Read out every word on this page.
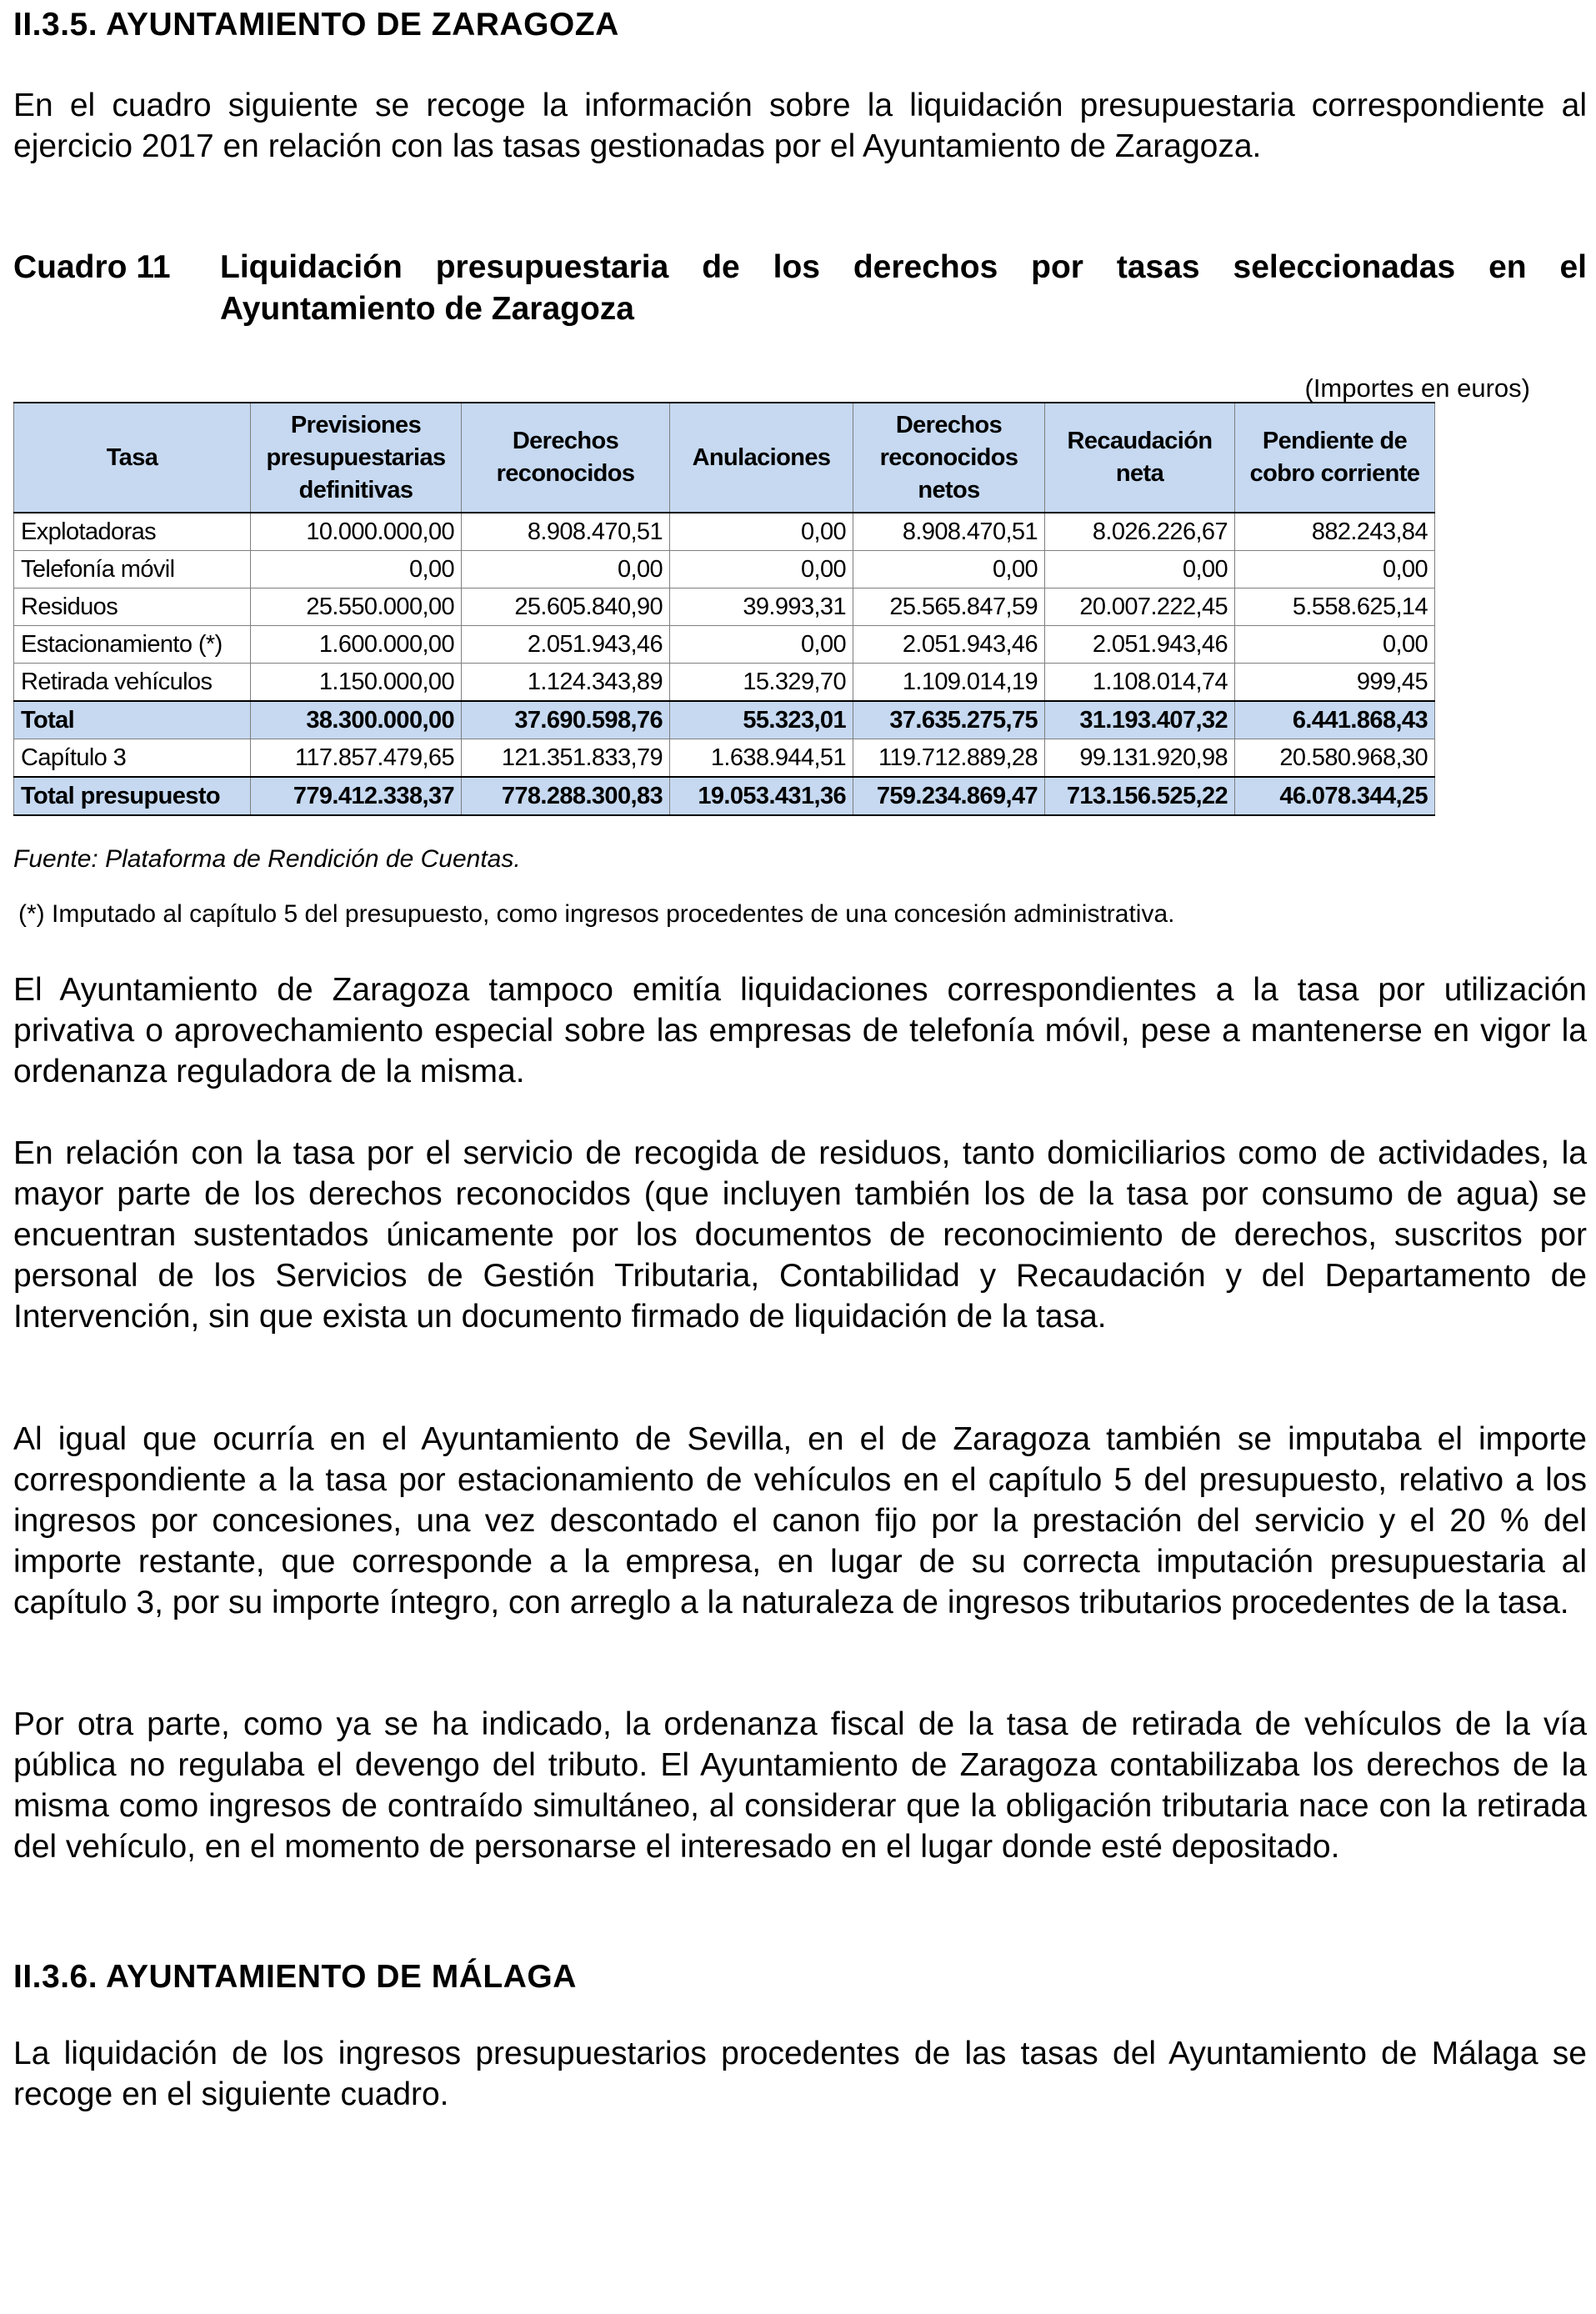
II.3.5. AYUNTAMIENTO DE ZARAGOZA
En el cuadro siguiente se recoge la información sobre la liquidación presupuestaria correspondiente al ejercicio 2017 en relación con las tasas gestionadas por el Ayuntamiento de Zaragoza.
Cuadro 11 Liquidación presupuestaria de los derechos por tasas seleccionadas en el Ayuntamiento de Zaragoza
(Importes en euros)
Tasa	Previsiones presupuestarias definitivas	Derechos reconocidos	Anulaciones	Derechos reconocidos netos	Recaudación neta	Pendiente de cobro corriente
Explotadoras	10.000.000,00	8.908.470,51	0,00	8.908.470,51	8.026.226,67	882.243,84
Telefonía móvil	0,00	0,00	0,00	0,00	0,00	0,00
Residuos	25.550.000,00	25.605.840,90	39.993,31	25.565.847,59	20.007.222,45	5.558.625,14
Estacionamiento (*)	1.600.000,00	2.051.943,46	0,00	2.051.943,46	2.051.943,46	0,00
Retirada vehículos	1.150.000,00	1.124.343,89	15.329,70	1.109.014,19	1.108.014,74	999,45
Total	38.300.000,00	37.690.598,76	55.323,01	37.635.275,75	31.193.407,32	6.441.868,43
Capítulo 3	117.857.479,65	121.351.833,79	1.638.944,51	119.712.889,28	99.131.920,98	20.580.968,30
Total presupuesto	779.412.338,37	778.288.300,83	19.053.431,36	759.234.869,47	713.156.525,22	46.078.344,25
Fuente: Plataforma de Rendición de Cuentas.
(*) Imputado al capítulo 5 del presupuesto, como ingresos procedentes de una concesión administrativa.
El Ayuntamiento de Zaragoza tampoco emitía liquidaciones correspondientes a la tasa por utilización privativa o aprovechamiento especial sobre las empresas de telefonía móvil, pese a mantenerse en vigor la ordenanza reguladora de la misma.
En relación con la tasa por el servicio de recogida de residuos, tanto domiciliarios como de actividades, la mayor parte de los derechos reconocidos (que incluyen también los de la tasa por consumo de agua) se encuentran sustentados únicamente por los documentos de reconocimiento de derechos, suscritos por personal de los Servicios de Gestión Tributaria, Contabilidad y Recaudación y del Departamento de Intervención, sin que exista un documento firmado de liquidación de la tasa.
Al igual que ocurría en el Ayuntamiento de Sevilla, en el de Zaragoza también se imputaba el importe correspondiente a la tasa por estacionamiento de vehículos en el capítulo 5 del presupuesto, relativo a los ingresos por concesiones, una vez descontado el canon fijo por la prestación del servicio y el 20 % del importe restante, que corresponde a la empresa, en lugar de su correcta imputación presupuestaria al capítulo 3, por su importe íntegro, con arreglo a la naturaleza de ingresos tributarios procedentes de la tasa.
Por otra parte, como ya se ha indicado, la ordenanza fiscal de la tasa de retirada de vehículos de la vía pública no regulaba el devengo del tributo. El Ayuntamiento de Zaragoza contabilizaba los derechos de la misma como ingresos de contraído simultáneo, al considerar que la obligación tributaria nace con la retirada del vehículo, en el momento de personarse el interesado en el lugar donde esté depositado.
II.3.6. AYUNTAMIENTO DE MÁLAGA
La liquidación de los ingresos presupuestarios procedentes de las tasas del Ayuntamiento de Málaga se recoge en el siguiente cuadro.
